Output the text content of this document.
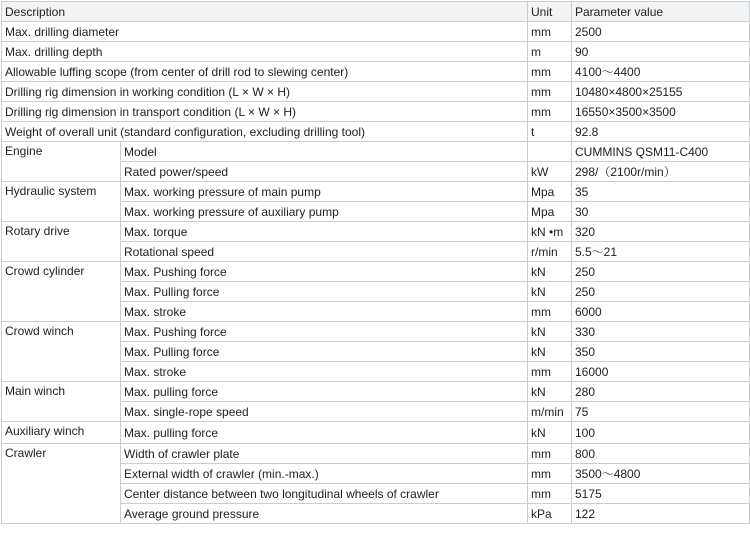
Description		Unit	Parameter value
Max. drilling diameter		mm	2500
Max. drilling depth		m	90
Allowable luffing scope (from center of drill rod to slewing center)		mm	4100～4400
Drilling rig dimension in working condition (L × W × H)		mm	10480×4800×25155
Drilling rig dimension in transport condition (L × W × H)		mm	16550×3500×3500
Weight of overall unit (standard configuration, excluding drilling tool)		t	92.8
Engine	Model		CUMMINS QSM11-C400
	Rated power/speed	kW	298/（2100r/min）
Hydraulic system	Max. working pressure of main pump	Mpa	35
	Max. working pressure of auxiliary pump	Mpa	30
Rotary drive	Max. torque	kN •m	320
	Rotational speed	r/min	5.5～21
Crowd cylinder	Max. Pushing force	kN	250
	Max. Pulling force	kN	250
	Max. stroke	mm	6000
Crowd winch	Max. Pushing force	kN	330
	Max. Pulling force	kN	350
	Max. stroke	mm	16000
Main winch	Max. pulling force	kN	280
	Max. single-rope speed	m/min	75
Auxiliary winch	Max. pulling force	kN	100
Crawler	Width of crawler plate	mm	800
	External width of crawler (min.-max.)	mm	3500～4800
	Center distance between two longitudinal wheels of crawler	mm	5175
	Average ground pressure	kPa	122
